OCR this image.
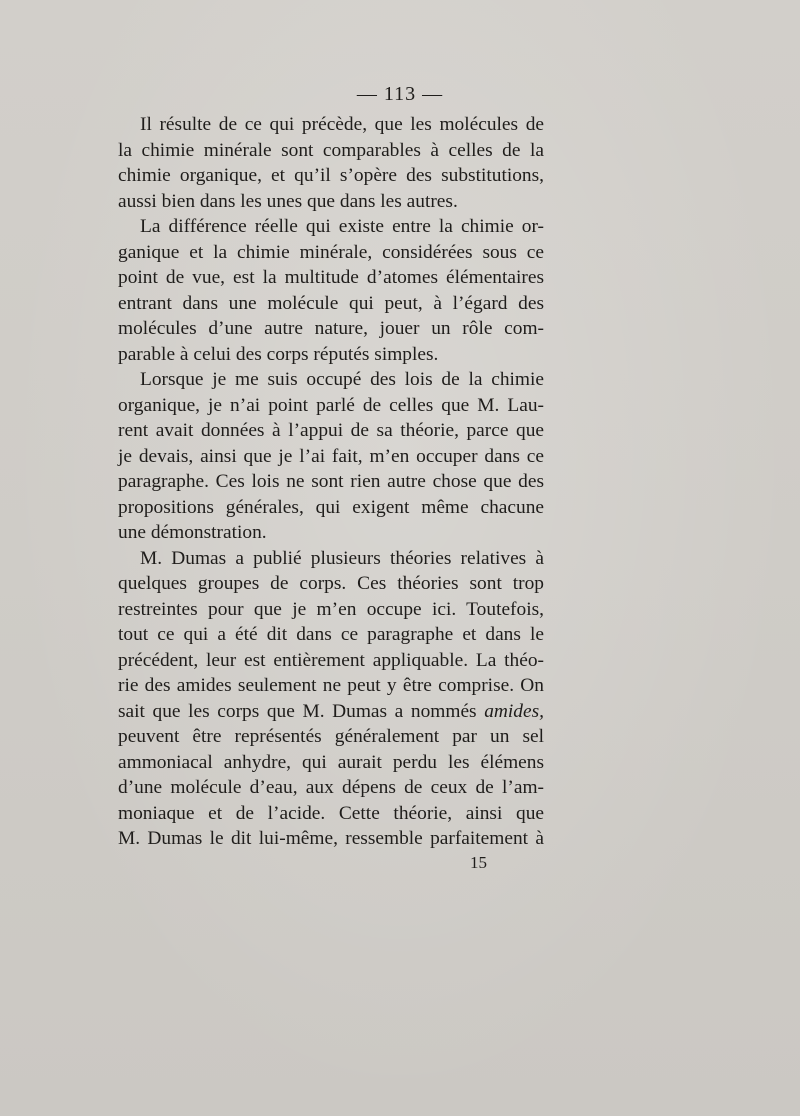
— 113 —
Il résulte de ce qui précède, que les molécules de
la chimie minérale sont comparables à celles de la
chimie organique, et qu’il s’opère des substitutions,
aussi bien dans les unes que dans les autres.
La différence réelle qui existe entre la chimie or-
ganique et la chimie minérale, considérées sous ce
point de vue, est la multitude d’atomes élémentaires
entrant dans une molécule qui peut, à l’égard des
molécules d’une autre nature, jouer un rôle com-
parable à celui des corps réputés simples.
Lorsque je me suis occupé des lois de la chimie
organique, je n’ai point parlé de celles que M. Lau-
rent avait données à l’appui de sa théorie, parce que
je devais, ainsi que je l’ai fait, m’en occuper dans ce
paragraphe. Ces lois ne sont rien autre chose que des
propositions générales, qui exigent même chacune
une démonstration.
M. Dumas a publié plusieurs théories relatives à
quelques groupes de corps. Ces théories sont trop
restreintes pour que je m’en occupe ici. Toutefois,
tout ce qui a été dit dans ce paragraphe et dans le
précédent, leur est entièrement appliquable. La théo-
rie des amides seulement ne peut y être comprise. On
sait que les corps que M. Dumas a nommés amides,
peuvent être représentés généralement par un sel
ammoniacal anhydre, qui aurait perdu les élémens
d’une molécule d’eau, aux dépens de ceux de l’am-
moniaque et de l’acide. Cette théorie, ainsi que
M. Dumas le dit lui-même, ressemble parfaitement à
15
